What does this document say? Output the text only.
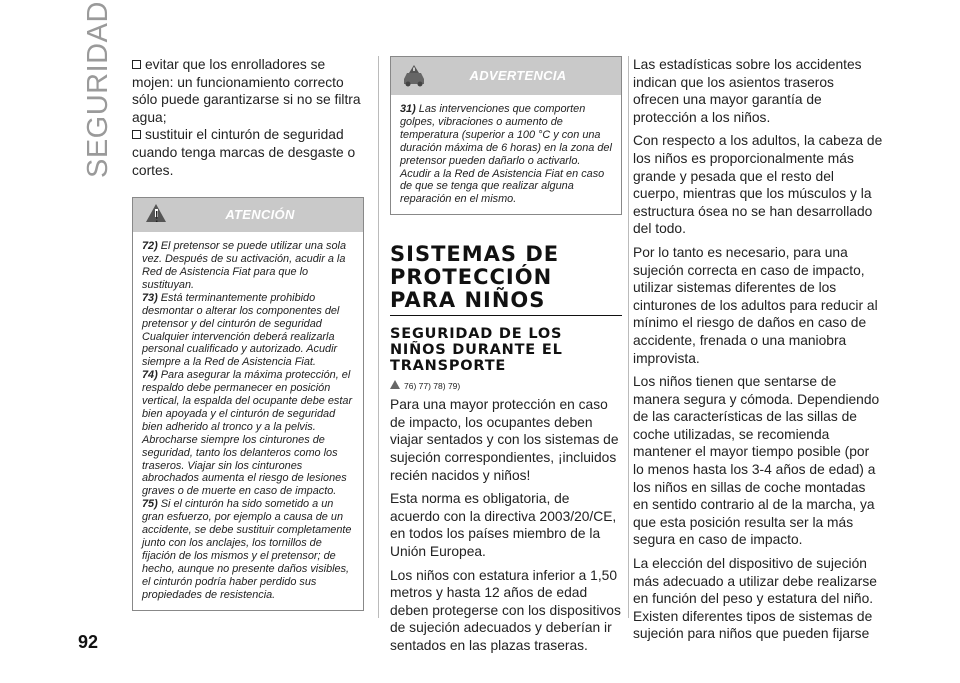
SEGURIDAD
92

evitar que los enrolladores se mojen: un funcionamiento correcto sólo puede garantizarse si no se filtra agua;

sustituir el cinturón de seguridad cuando tenga marcas de desgaste o cortes.

!	ATENCIÓN
72) El pretensor se puede utilizar una sola vez. Después de su activación, acudir a la Red de Asistencia Fiat para que lo sustituyan.
73) Está terminantemente prohibido desmontar o alterar los componentes del pretensor y del cinturón de seguridad Cualquier intervención deberá realizarla personal cualificado y autorizado. Acudir siempre a la Red de Asistencia Fiat.
74) Para asegurar la máxima protección, el respaldo debe permanecer en posición vertical, la espalda del ocupante debe estar bien apoyada y el cinturón de seguridad bien adherido al tronco y a la pelvis. Abrocharse siempre los cinturones de seguridad, tanto los delanteros como los traseros. Viajar sin los cinturones abrochados aumenta el riesgo de lesiones graves o de muerte en caso de impacto.
75) Si el cinturón ha sido sometido a un gran esfuerzo, por ejemplo a causa de un accidente, se debe sustituir completamente junto con los anclajes, los tornillos de fijación de los mismos y el pretensor; de hecho, aunque no presente daños visibles, el cinturón podría haber perdido sus propiedades de resistencia.
ADVERTENCIA
31) Las intervenciones que comporten golpes, vibraciones o aumento de temperatura (superior a 100 °C y con una duración máxima de 6 horas) en la zona del pretensor pueden dañarlo o activarlo. Acudir a la Red de Asistencia Fiat en caso de que se tenga que realizar alguna reparación en el mismo.
SISTEMAS DE PROTECCIÓN PARA NIÑOS
SEGURIDAD DE LOS NIÑOS DURANTE EL TRANSPORTE
76) 77) 78) 79)

Para una mayor protección en caso de impacto, los ocupantes deben viajar sentados y con los sistemas de sujeción correspondientes, ¡incluidos recién nacidos y niños!

Esta norma es obligatoria, de acuerdo con la directiva 2003/20/CE, en todos los países miembro de la Unión Europea.

Los niños con estatura inferior a 1,50 metros y hasta 12 años de edad deben protegerse con los dispositivos de sujeción adecuados y deberían ir sentados en las plazas traseras.

Las estadísticas sobre los accidentes indican que los asientos traseros ofrecen una mayor garantía de protección a los niños.

Con respecto a los adultos, la cabeza de los niños es proporcionalmente más grande y pesada que el resto del cuerpo, mientras que los músculos y la estructura ósea no se han desarrollado del todo.

Por lo tanto es necesario, para una sujeción correcta en caso de impacto, utilizar sistemas diferentes de los cinturones de los adultos para reducir al mínimo el riesgo de daños en caso de accidente, frenada o una maniobra improvista.

Los niños tienen que sentarse de manera segura y cómoda. Dependiendo de las características de las sillas de coche utilizadas, se recomienda mantener el mayor tiempo posible (por lo menos hasta los 3-4 años de edad) a los niños en sillas de coche montadas en sentido contrario al de la marcha, ya que esta posición resulta ser la más segura en caso de impacto.

La elección del dispositivo de sujeción más adecuado a utilizar debe realizarse en función del peso y estatura del niño. Existen diferentes tipos de sistemas de sujeción para niños que pueden fijarse
